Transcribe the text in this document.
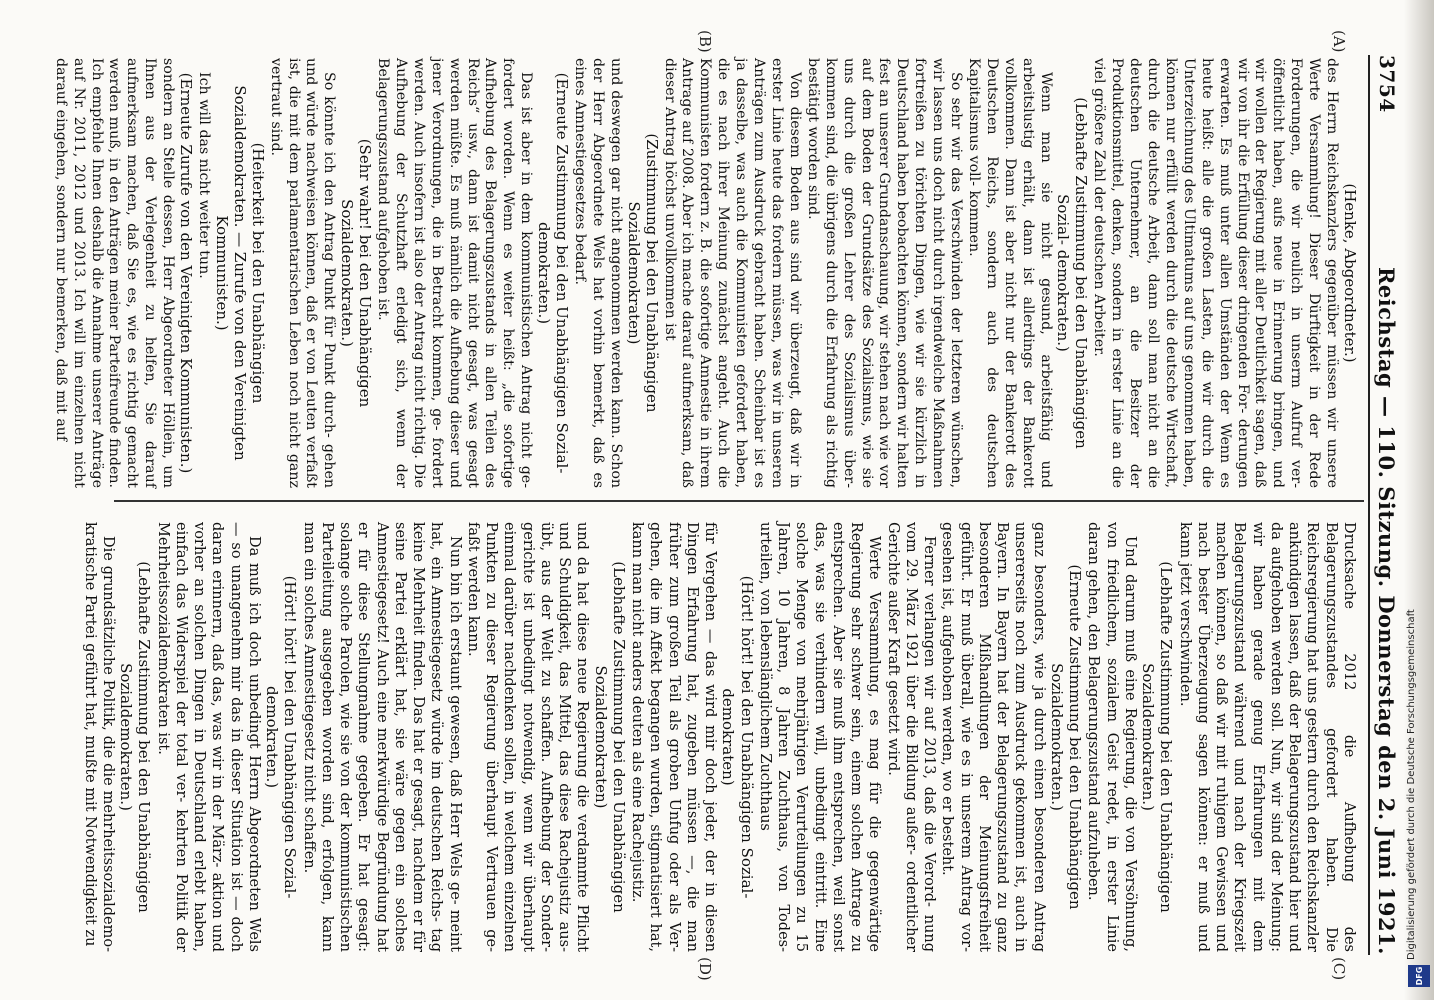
3754
Reichstag — 110. Sitzung. Donnerstag den 2. Juni 1921.
(A)
(B)
(C)
(D)

(Henke, Abgeordneter.)

des Herrn Reichskanzlers gegenüber müssen wir unsere Werte Versammlung! Dieser Dürftigkeit in der Rede Forderungen, die wir neulich in unserm Aufruf ver- öffentlicht haben, aufs neue in Erinnerung bringen, und wir wollen der Regierung mit aller Deutlichkeit sagen, daß wir von ihr die Erfüllung dieser dringenden For- derungen erwarten. Es muß unter allen Umständen der Wenn es heute heißt: alle die großen Lasten, die wir durch die Unterzeichnung des Ultimatums auf uns genommen haben, können nur erfüllt werden durch die deutsche Wirtschaft, durch die deutsche Arbeit, dann soll man nicht an die deutschen Unternehmer, an die Besitzer der Produktionsmittel, denken, sondern in erster Linie an die viel größere Zahl der deutschen Arbeiter.

(Lebhafte Zustimmung bei den Unabhängigen Sozial- demokraten.)

Wenn man sie nicht gesund, arbeitsfähig und arbeitslustig erhält, dann ist allerdings der Bankerott vollkommen. Dann ist aber nicht nur der Bankerott des Deutschen Reichs, sondern auch des deutschen Kapitalismus voll- kommen.

So sehr wir das Verschwinden der letzteren wünschen, wir lassen uns doch nicht durch irgendwelche Maßnahmen fortreißen zu törichten Dingen, wie wir sie kürzlich in Deutschland haben beobachten können, sondern wir halten fest an unserer Grundanschauung, wir stehen nach wie vor auf dem Boden der Grundsätze des Sozialismus, wie sie uns durch die großen Lehrer des Sozialismus über- kommen sind, die übrigens durch die Erfahrung als richtig bestätigt worden sind.

Von diesem Boden aus sind wir überzeugt, daß wir in erster Linie heute das fordern müssen, was wir in unseren Anträgen zum Ausdruck gebracht haben. Scheinbar ist es ja dasselbe, was auch die Kommunisten gefordert haben, die es nach ihrer Meinung zunächst angeht. Auch die Kommunisten fordern z. B. die sofortige Amnestie in ihrem Antrage auf 2008. Aber ich mache darauf aufmerksam, daß dieser Antrag höchst unvollkommen ist

(Zustimmung bei den Unabhängigen Sozialdemokraten)

und deswegen gar nicht angenommen werden kann. Schon der Herr Abgeordnete Wels hat vorhin bemerkt, daß es eines Amnestiegesetzes bedarf.

(Erneute Zustimmung bei den Unabhängigen Sozial- demokraten.)

Das ist aber in dem kommunistischen Antrag nicht ge- fordert worden. Wenn es weiter heißt: „die sofortige Aufhebung des Belagerungszustands in allen Teilen des Reichs“ usw., dann ist damit nicht gesagt, was gesagt werden müßte. Es muß nämlich die Aufhebung dieser und jener Verordnungen, die in Betracht kommen, ge- fordert werden. Auch insofern ist also der Antrag nicht richtig. Die Aufhebung der Schutzhaft erledigt sich, wenn der Belagerungszustand aufgehoben ist.

(Sehr wahr! bei den Unabhängigen Sozialdemokraten.)

So könnte ich den Antrag Punkt für Punkt durch- gehen und würde nachweisen können, daß er von Leuten verfaßt ist, die mit dem parlamentarischen Leben noch nicht ganz vertraut sind.

(Heiterkeit bei den Unabhängigen Sozialdemokraten. — Zurufe von den Vereinigten Kommunisten.)

Ich will das nicht weiter tun.

(Erneute Zurufe von den Vereinigten Kommunisten.)

sondern an Stelle dessen, Herr Abgeordneter Höllein, um Ihnen aus der Verlegenheit zu helfen, Sie darauf aufmerksam machen, daß Sie es, wie es richtig gemacht werden muß, in den Anträgen meiner Parteifreunde finden. Ich empfehle Ihnen deshalb die Annahme unserer Anträge auf Nr. 2011, 2012 und 2013. Ich will im einzelnen nicht darauf eingehen, sondern nur bemerken, daß mit auf

Drucksache 2012 die Aufhebung des Belagerungszustandes gefordert haben. Die Reichsregierung hat uns gestern durch den Reichskanzler ankündigen lassen, daß der Belagerungszustand hier und da aufgehoben werden soll. Nun, wir sind der Meinung: wir haben gerade genug Erfahrungen mit dem Belagerungszustand während und nach der Kriegszeit machen können, so daß wir mit ruhigem Gewissen und nach bester Überzeugung sagen können: er muß und kann jetzt verschwinden.

(Lebhafte Zustimmung bei den Unabhängigen Sozialdemokraten.)

Und darum muß eine Regierung, die von Versöhnung, von friedlichem, sozialem Geist redet, in erster Linie daran gehen, den Belagerungszustand aufzuheben.

(Erneute Zustimmung bei den Unabhängigen Sozialdemokraten.)

ganz besonders, wie ja durch einen besonderen Antrag unsererseits noch zum Ausdruck gekommen ist, auch in Bayern. In Bayern hat der Belagerungszustand zu ganz besonderen Mißhandlungen der Meinungsfreiheit geführt. Er muß überall, wie es in unserem Antrag vor- gesehen ist, aufgehoben werden, wo er besteht.

Ferner verlangen wir auf 2013, daß die Verord- nung vom 29. März 1921 über die Bildung außer- ordentlicher Gerichte außer Kraft gesetzt wird.

Werte Versammlung, es mag für die gegenwärtige Regierung sehr schwer sein, einem solchen Antrage zu entsprechen. Aber sie muß ihm entsprechen, weil sonst das, was sie verhindern will, unbedingt eintritt. Eine solche Menge von mehrjährigen Verurteilungen zu 15 Jahren, 10 Jahren, 8 Jahren Zuchthaus, von Todes- urteilen, von lebenslänglichem Zuchthaus

(Hört! hört! bei den Unabhängigen Sozial- demokraten)

für Vergehen — das wird mir doch jeder, der in diesen Dingen Erfahrung hat, zugeben müssen —, die man früher zum großen Teil als groben Unfug oder als Ver- gehen, die im Affekt begangen wurden, stigmatisiert hat, kann man nicht anders deuten als eine Rachejustiz.

(Lebhafte Zustimmung bei den Unabhängigen Sozialdemokraten)

und da hat diese neue Regierung die verdammte Pflicht und Schuldigkeit, das Mittel, das diese Rachejustiz aus- übt, aus der Welt zu schaffen. Aufhebung der Sonder- gerichte ist unbedingt notwendig, wenn wir überhaupt einmal darüber nachdenken sollen, in welchem einzelnen Punkten zu dieser Regierung überhaupt Vertrauen ge- faßt werden kann.

Nun bin ich erstaunt gewesen, daß Herr Wels ge- meint hat, ein Amnestiegesetz würde im deutschen Reichs- tag keine Mehrheit finden. Das hat er gesagt, nachdem er für seine Partei erklärt hat, sie wäre gegen ein solches Amnestiegesetz! Auch eine merkwürdige Begründung hat er für diese Stellungnahme gegeben. Er hat gesagt: solange solche Parolen, wie sie von der kommunistischen Parteileitung ausgegeben worden sind, erfolgen, kann man ein solches Amnestiegesetz nicht schaffen.

(Hört! hört! bei den Unabhängigen Sozial- demokraten.)

Da muß ich doch unbedingt Herrn Abgeordneten Wels — so unangenehm mir das in dieser Situation ist — doch daran erinnern, daß das, was wir in der März- aktion und vorher an solchen Dingen in Deutschland erlebt haben, einfach das Widerspiel der total ver- kehrten Politik der Mehrheitssozialdemokraten ist.

(Lebhafte Zustimmung bei den Unabhängigen Sozialdemokraten.)

Die grundsätzliche Politik, die die mehrheitssozialdemo- kratische Partei geführt hat, mußte mit Notwendigkeit zu	Digitalisierung gefördert durch die Deutsche Forschungsgemeinschaft
DFG
